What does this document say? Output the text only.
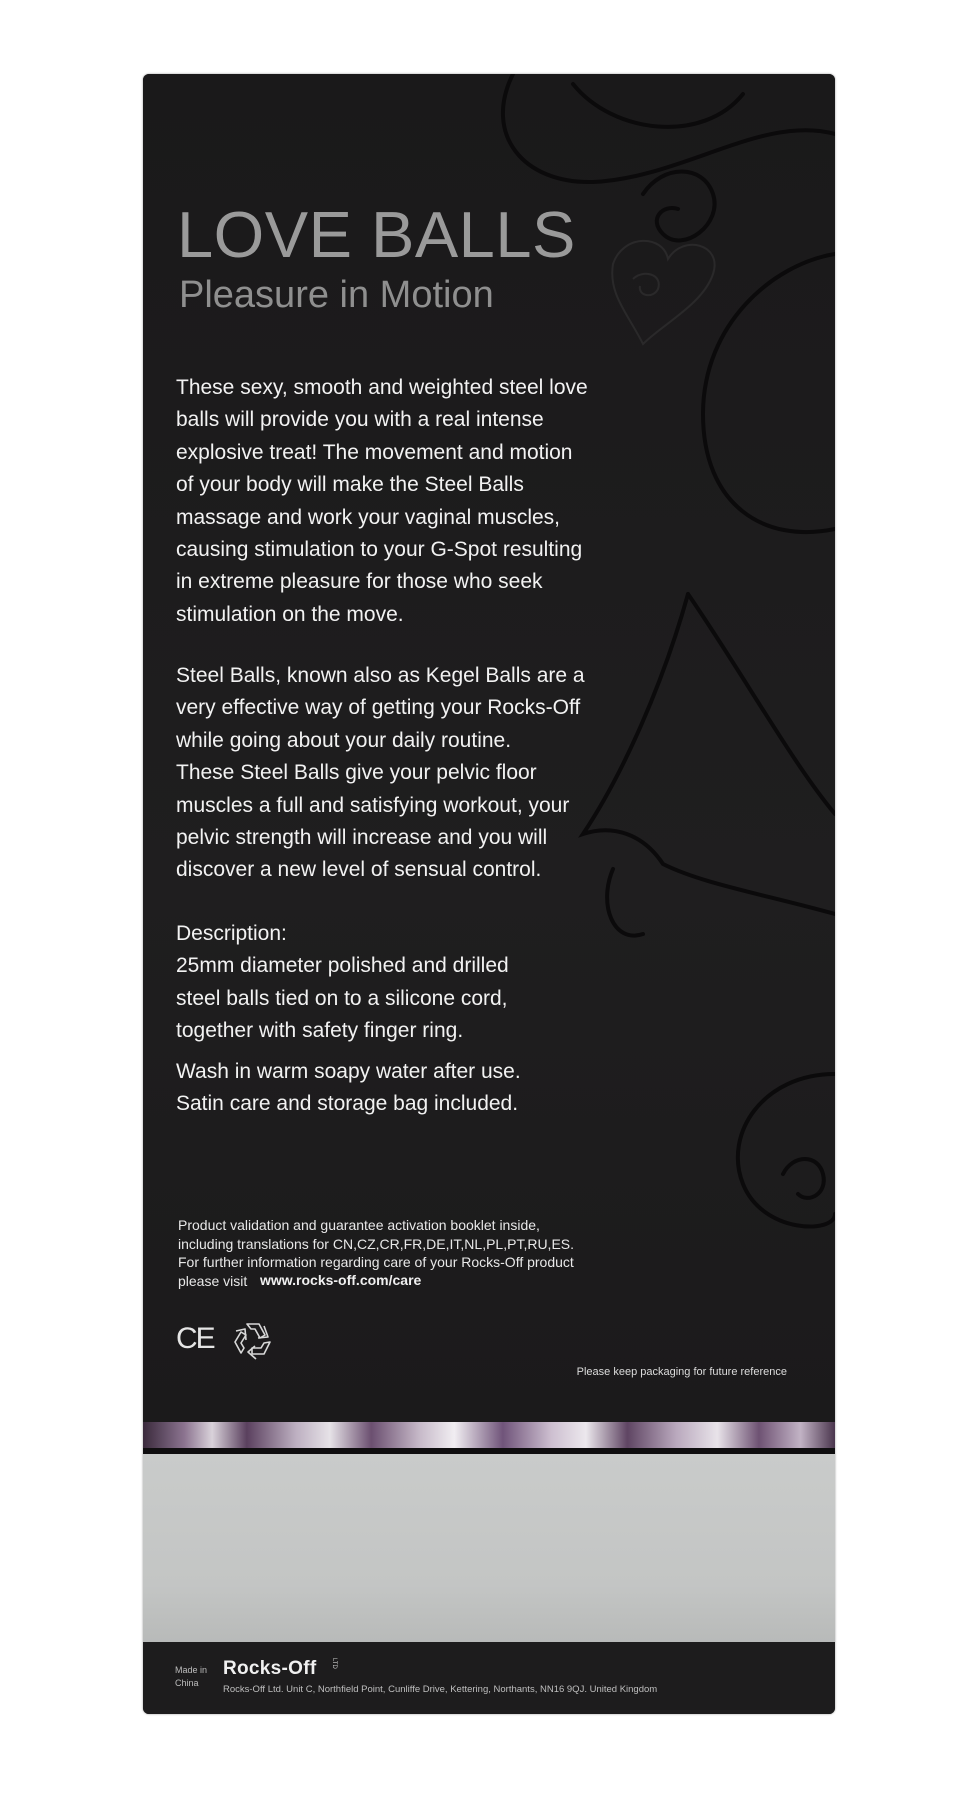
LOVE BALLS
Pleasure in Motion

These sexy, smooth and weighted steel love
balls will provide you with a real intense
explosive treat! The movement and motion
of your body will make the Steel Balls
massage and work your vaginal muscles,
causing stimulation to your G-Spot resulting
in extreme pleasure for those who seek
stimulation on the move.

Steel Balls, known also as Kegel Balls are a
very effective way of getting your Rocks-Off
while going about your daily routine.
These Steel Balls give your pelvic floor
muscles a full and satisfying workout, your
pelvic strength will increase and you will
discover a new level of sensual control.

Description:
25mm diameter polished and drilled
steel balls tied on to a silicone cord,
together with safety finger ring.

Wash in warm soapy water after use.
Satin care and storage bag included.

Product validation and guarantee activation booklet inside,
including translations for CN,CZ,CR,FR,DE,IT,NL,PL,PT,RU,ES.
For further information regarding care of your Rocks-Off product
please visit www.rocks-off.com/care
CE
Please keep packaging for future reference
Made in
China
Rocks-Off LTD
Rocks-Off Ltd. Unit C, Northfield Point, Cunliffe Drive, Kettering, Northants, NN16 9QJ. United Kingdom
